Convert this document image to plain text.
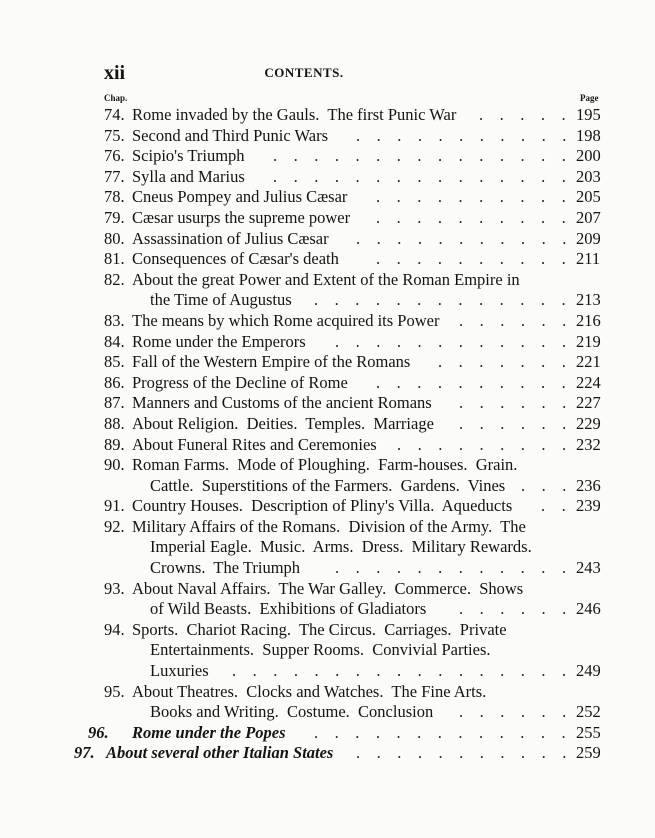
xii	CONTENTS.
Chap.	Page
74. Rome invaded by the Gauls.  The first Punic War	195
.    .    .    .    .
75. Second and Third Punic Wars	198
.    .    .    .    .    .    .    .    .    .    .
76. Scipio's Triumph	200
.    .    .    .    .    .    .    .    .    .    .    .    .    .    .
77. Sylla and Marius	203
.    .    .    .    .    .    .    .    .    .    .    .    .    .    .
78. Cneus Pompey and Julius Cæsar	205
.    .    .    .    .    .    .    .    .    .
79. Cæsar usurps the supreme power	207
.    .    .    .    .    .    .    .    .    .
80. Assassination of Julius Cæsar	209
.    .    .    .    .    .    .    .    .    .    .
81. Consequences of Cæsar's death	211
.    .    .    .    .    .    .    .    .    .
82. About the great Power and Extent of the Roman Empire in
the Time of Augustus	213
.    .    .    .    .    .    .    .    .    .    .    .    .
83. The means by which Rome acquired its Power	216
.    .    .    .    .    .
84. Rome under the Emperors	219
.    .    .    .    .    .    .    .    .    .    .    .
85. Fall of the Western Empire of the Romans	221
.    .    .    .    .    .    .
86. Progress of the Decline of Rome	224
.    .    .    .    .    .    .    .    .    .
87. Manners and Customs of the ancient Romans	227
.    .    .    .    .    .
88. About Religion.  Deities.  Temples.  Marriage	229
.    .    .    .    .    .
89. About Funeral Rites and Ceremonies	232
.    .    .    .    .    .    .    .    .
90. Roman Farms.  Mode of Ploughing.  Farm-houses.  Grain.
Cattle.  Superstitions of the Farmers.  Gardens.  Vines	236
.    .    .
91. Country Houses.  Description of Pliny's Villa.  Aqueducts	239
.    .
92. Military Affairs of the Romans.  Division of the Army.  The
Imperial Eagle.  Music.  Arms.  Dress.  Military Rewards.
Crowns.  The Triumph	243
.    .    .    .    .    .    .    .    .    .    .    .
93. About Naval Affairs.  The War Galley.  Commerce.  Shows
of Wild Beasts.  Exhibitions of Gladiators	246
.    .    .    .    .    .
94. Sports.  Chariot Racing.  The Circus.  Carriages.  Private
Entertainments.  Supper Rooms.  Convivial Parties.
Luxuries	249
.    .    .    .    .    .    .    .    .    .    .    .    .    .    .    .    .
95. About Theatres.  Clocks and Watches.  The Fine Arts.
Books and Writing.  Costume.  Conclusion	252
.    .    .    .    .    .
96. Rome under the Popes	255
.    .    .    .    .    .    .    .    .    .    .    .    .
97. About several other Italian States	259
.    .    .    .    .    .    .    .    .    .    .
